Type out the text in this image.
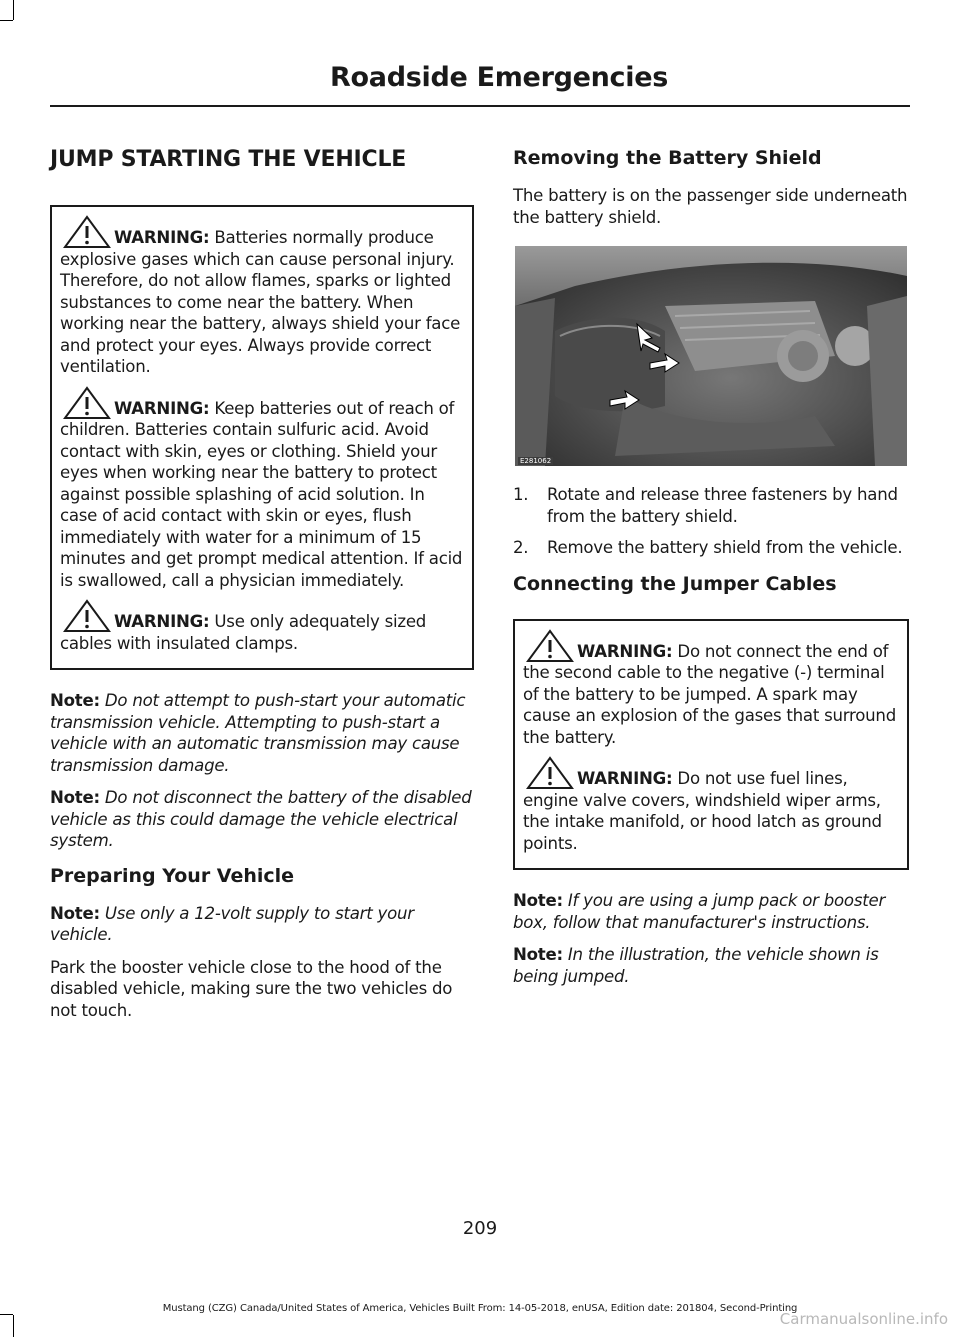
Roadside Emergencies
JUMP STARTING THE VEHICLE
WARNING: Batteries normally produce explosive gases which can cause personal injury. Therefore, do not allow flames, sparks or lighted substances to come near the battery. When working near the battery, always shield your face and protect your eyes. Always provide correct ventilation.
WARNING: Keep batteries out of reach of children. Batteries contain sulfuric acid. Avoid contact with skin, eyes or clothing. Shield your eyes when working near the battery to protect against possible splashing of acid solution. In case of acid contact with skin or eyes, flush immediately with water for a minimum of 15 minutes and get prompt medical attention. If acid is swallowed, call a physician immediately.
WARNING: Use only adequately sized cables with insulated clamps.

Note: Do not attempt to push-start your automatic transmission vehicle. Attempting to push-start a vehicle with an automatic transmission may cause transmission damage.

Note: Do not disconnect the battery of the disabled vehicle as this could damage the vehicle electrical system.

Preparing Your Vehicle

Note: Use only a 12-volt supply to start your vehicle.

Park the booster vehicle close to the hood of the disabled vehicle, making sure the two vehicles do not touch.

Removing the Battery Shield

The battery is on the passenger side underneath the battery shield.

E281062
1. Rotate and release three fasteners by hand from the battery shield.
2. Remove the battery shield from the vehicle.
Connecting the Jumper Cables
WARNING: Do not connect the end of the second cable to the negative (-) terminal of the battery to be jumped. A spark may cause an explosion of the gases that surround the battery.
WARNING: Do not use fuel lines, engine valve covers, windshield wiper arms, the intake manifold, or hood latch as ground points.

Note: If you are using a jump pack or booster box, follow that manufacturer's instructions.

Note: In the illustration, the vehicle shown is being jumped.

209
Mustang (CZG) Canada/United States of America, Vehicles Built From: 14-05-2018, enUSA, Edition date: 201804, Second-Printing
Carmanualsonline.info
